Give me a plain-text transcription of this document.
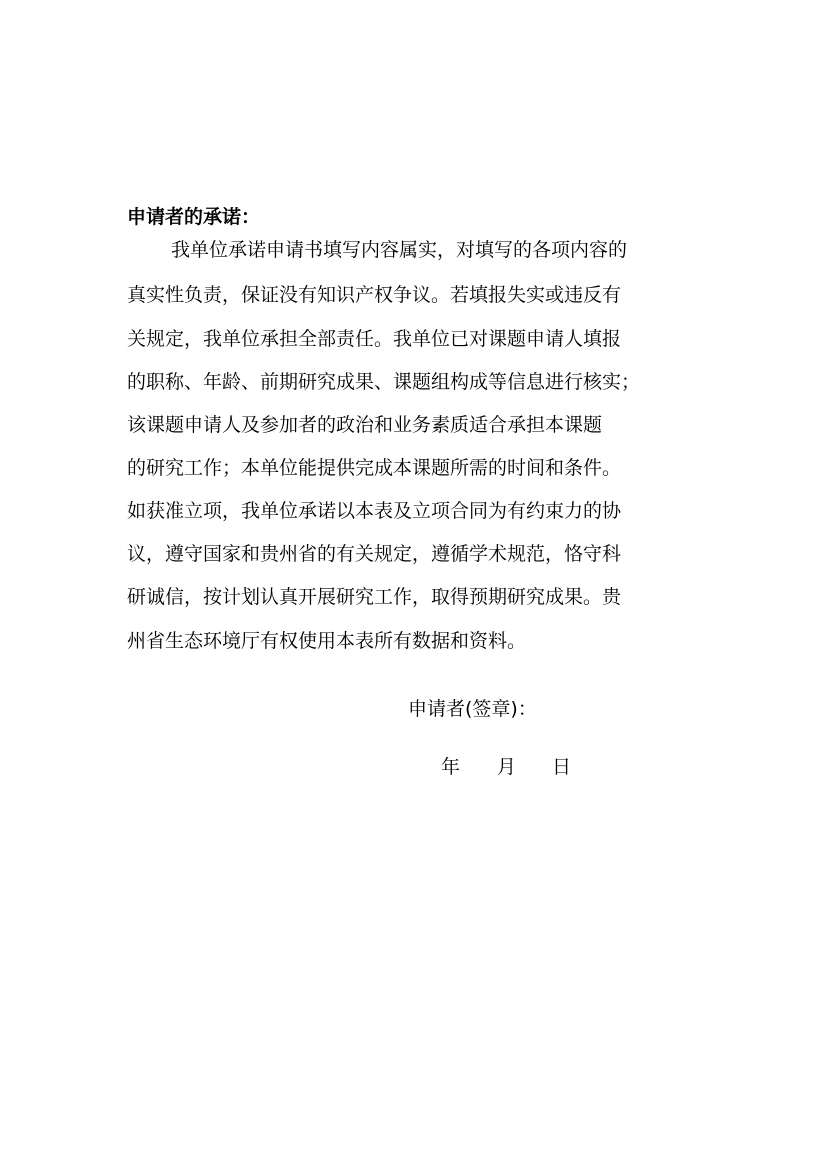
申请者的承诺：
我单位承诺申请书填写内容属实，对填写的各项内容的
真实性负责，保证没有知识产权争议。若填报失实或违反有
关规定，我单位承担全部责任。我单位已对课题申请人填报
的职称、年龄、前期研究成果、课题组构成等信息进行核实；
该课题申请人及参加者的政治和业务素质适合承担本课题
的研究工作；本单位能提供完成本课题所需的时间和条件。
如获准立项，我单位承诺以本表及立项合同为有约束力的协
议，遵守国家和贵州省的有关规定，遵循学术规范，恪守科
研诚信，按计划认真开展研究工作，取得预期研究成果。贵
州省生态环境厅有权使用本表所有数据和资料。
申请者(签章)：
年 月 日
